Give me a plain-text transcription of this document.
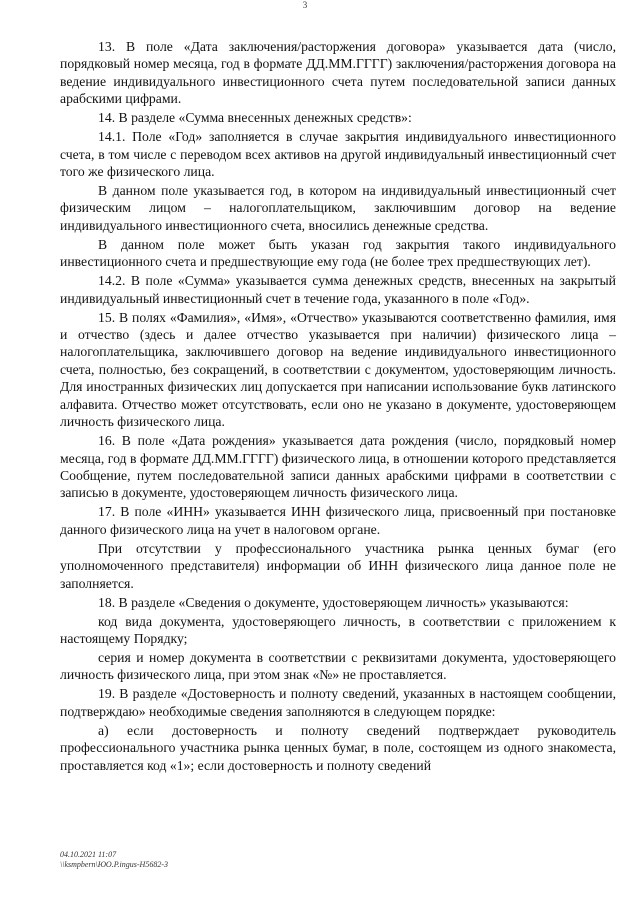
3

13. В поле «Дата заключения/расторжения договора» указывается дата (число, порядковый номер месяца, год в формате ДД.ММ.ГГГГ) заключения/расторжения договора на ведение индивидуального инвестиционного счета путем последовательной записи данных арабскими цифрами.

14. В разделе «Сумма внесенных денежных средств»:

14.1. Поле «Год» заполняется в случае закрытия индивидуального инвестиционного счета, в том числе с переводом всех активов на другой индивидуальный инвестиционный счет того же физического лица.

В данном поле указывается год, в котором на индивидуальный инвестиционный счет физическим лицом – налогоплательщиком, заключившим договор на ведение индивидуального инвестиционного счета, вносились денежные средства.

В данном поле может быть указан год закрытия такого индивидуального инвестиционного счета и предшествующие ему года (не более трех предшествующих лет).

14.2. В поле «Сумма» указывается сумма денежных средств, внесенных на закрытый индивидуальный инвестиционный счет в течение года, указанного в поле «Год».

15. В полях «Фамилия», «Имя», «Отчество» указываются соответственно фамилия, имя и отчество (здесь и далее отчество указывается при наличии) физического лица – налогоплательщика, заключившего договор на ведение индивидуального инвестиционного счета, полностью, без сокращений, в соответствии с документом, удостоверяющим личность. Для иностранных физических лиц допускается при написании использование букв латинского алфавита. Отчество может отсутствовать, если оно не указано в документе, удостоверяющем личность физического лица.

16. В поле «Дата рождения» указывается дата рождения (число, порядковый номер месяца, год в формате ДД.ММ.ГГГГ) физического лица, в отношении которого представляется Сообщение, путем последовательной записи данных арабскими цифрами в соответствии с записью в документе, удостоверяющем личность физического лица.

17. В поле «ИНН» указывается ИНН физического лица, присвоенный при постановке данного физического лица на учет в налоговом органе.

При отсутствии у профессионального участника рынка ценных бумаг (его уполномоченного представителя) информации об ИНН физического лица данное поле не заполняется.

18. В разделе «Сведения о документе, удостоверяющем личность» указываются:

код вида документа, удостоверяющего личность, в соответствии с приложением к настоящему Порядку;

серия и номер документа в соответствии с реквизитами документа, удостоверяющего личность физического лица, при этом знак «№» не проставляется.

19. В разделе «Достоверность и полноту сведений, указанных в настоящем сообщении, подтверждаю» необходимые сведения заполняются в следующем порядке:

а) если достоверность и полноту сведений подтверждает руководитель профессионального участника рынка ценных бумаг, в поле, состоящем из одного знакоместа, проставляется код «1»; если достоверность и полноту сведений

04.10.2021 11:07
\\ksmpbern\ЮО.P.ingus-Н5682-3
